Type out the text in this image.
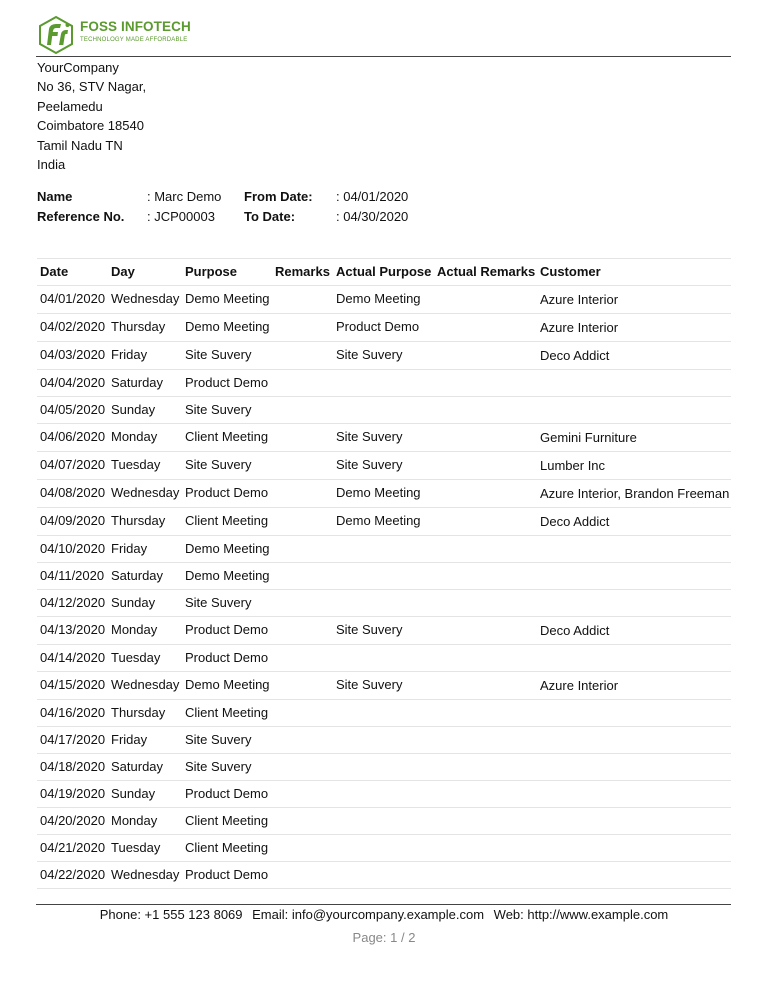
FOSS INFOTECH
TECHNOLOGY MADE AFFORDABLE
YourCompany
No 36, STV Nagar,
Peelamedu
Coimbatore 18540
Tamil Nadu TN
India
Name	: Marc Demo From Date: : 04/01/2020
Reference No. : JCP00003 To Date:	: 04/30/2020
Date	Day	Purpose	Remarks	Actual Purpose	Actual Remarks	Customer
04/01/2020	Wednesday	Demo Meeting		Demo Meeting		Azure Interior
04/02/2020	Thursday	Demo Meeting		Product Demo		Azure Interior
04/03/2020	Friday	Site Suvery		Site Suvery		Deco Addict
04/04/2020	Saturday	Product Demo				
04/05/2020	Sunday	Site Suvery				
04/06/2020	Monday	Client Meeting		Site Suvery		Gemini Furniture
04/07/2020	Tuesday	Site Suvery		Site Suvery		Lumber Inc
04/08/2020	Wednesday	Product Demo		Demo Meeting		Azure Interior, Brandon Freeman
04/09/2020	Thursday	Client Meeting		Demo Meeting		Deco Addict
04/10/2020	Friday	Demo Meeting				
04/11/2020	Saturday	Demo Meeting				
04/12/2020	Sunday	Site Suvery				
04/13/2020	Monday	Product Demo		Site Suvery		Deco Addict
04/14/2020	Tuesday	Product Demo				
04/15/2020	Wednesday	Demo Meeting		Site Suvery		Azure Interior
04/16/2020	Thursday	Client Meeting				
04/17/2020	Friday	Site Suvery				
04/18/2020	Saturday	Site Suvery				
04/19/2020	Sunday	Product Demo				
04/20/2020	Monday	Client Meeting				
04/21/2020	Tuesday	Client Meeting				
04/22/2020	Wednesday	Product Demo				
Phone: +1 555 123 8069 Email: info@yourcompany.example.com Web: http://www.example.com
Page: 1 / 2
